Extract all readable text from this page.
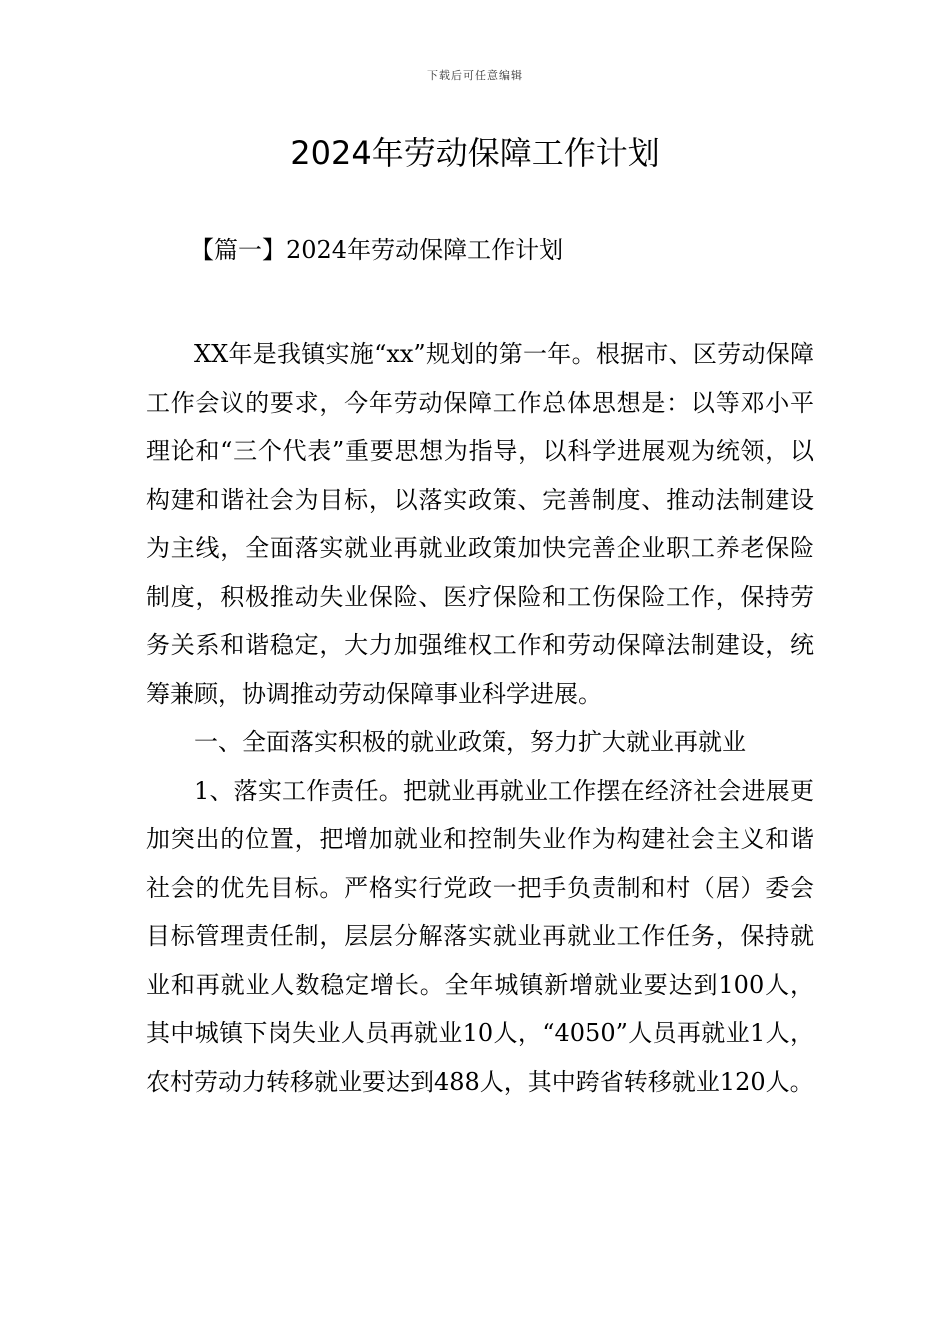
下载后可任意编辑
2024年劳动保障工作计划
【篇一】2024年劳动保障工作计划

XX年是我镇实施“xx”规划的第一年。根据市、区劳动保障工作会议的要求，今年劳动保障工作总体思想是：以等邓小平理论和“三个代表”重要思想为指导，以科学进展观为统领，以构建和谐社会为目标，以落实政策、完善制度、推动法制建设为主线，全面落实就业再就业政策加快完善企业职工养老保险制度，积极推动失业保险、医疗保险和工伤保险工作，保持劳务关系和谐稳定，大力加强维权工作和劳动保障法制建设，统筹兼顾，协调推动劳动保障事业科学进展。

一、全面落实积极的就业政策，努力扩大就业再就业

1、落实工作责任。把就业再就业工作摆在经济社会进展更加突出的位置，把增加就业和控制失业作为构建社会主义和谐社会的优先目标。严格实行党政一把手负责制和村（居）委会目标管理责任制，层层分解落实就业再就业工作任务，保持就业和再就业人数稳定增长。全年城镇新增就业要达到100人，其中城镇下岗失业人员再就业10人，“4050”人员再就业1人，农村劳动力转移就业要达到488人，其中跨省转移就业120人。
